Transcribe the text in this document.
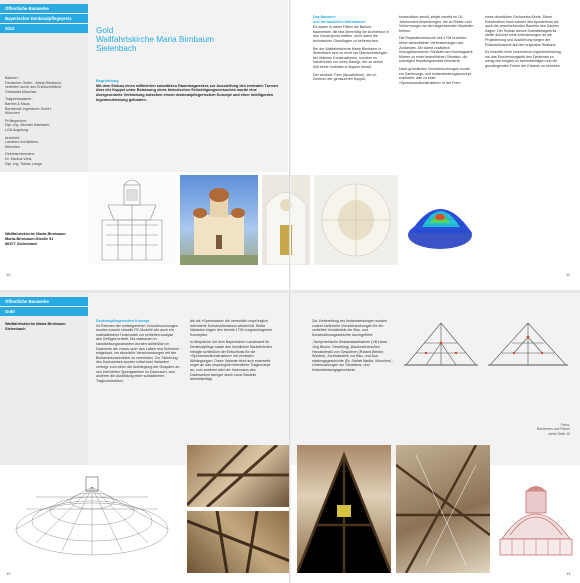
Öffentliche Bauwerke
Bayerischer Denkmalpflegepreis
2012

Bauherr:
Deutscher Orden - Maria Birnbaum,
vertreten durch den Erzbischöfliche
Ordinariat München

Tragwerksplaner:
Barthel & Maus,
Beratende Ingenieure GmbH,
München

Prüfingenieur:
Dipl.-Ing. Michael Hamlader,
LGA Augsburg

Architekt:
Landherr Architekten,
München

Gebietsreferenten:
Dr. Markus Weis,
Dipl.-Ing. Tobias Lange

Gold
Wallfahrtskirche Maria Birnbaum
Sielenbach
Begründung
Mit dem Einbau eines raffinierten substärken Raumtragwerkes zur Aussteifung des zentralen Turmes über der Kuppel unter Belassung eines historischen Ertüchtigungsversuches wurde eine übergeordnete Verbindung zwischen einem denkmalpflegerischen Konzept und einer intelligenten Ingenieurleistung gefunden.
Das Bauwerk
und die baulichen Maßnahmen

Es waren in vielen Fällen die Barockbaumeister, die fast übermütig die Architektur in den Vordergrund stellten, ohne dabei die technischen Grundlagen zu beherrschen.

Bei der Wallfahrtskirche Maria Birnbaum in Sielenbach sind es nicht nur Überschreitungen bei üblichen Konstruktionen, sondern es handelt sich um einen Bautyp, der zu seiner Zeit keine Vorbilder in Bayern besaß.

Der zentrale Turm (Apostelturm), der im Zentrum der gemauerten Kuppel-

konstruktion steckt, zeigte bereits im 18. Jahrhundert Absenkungen, die zu Rissen und Verformungen an den angrenzenden Bauteilen führten.

Die Reparaturversuche seit 1794 brachten keine wesentlichen Verbesserungen des Zustandes. Die damit zusätzlich hinzugekommenen Schäden am Holztragwerk führten zu einer bedrohlichen Situation, die sofortigen Handlungsbedarf erforderte.

Nach gründlichen Voruntersuchungen wurde ein Sanierungs- und Instandsetzungskonzept erarbeitet, das zu einer »Spreizwandkonstruktion« in der Form

eines räumlichen Fachwerks führte. Diese Konstruktion kann sowohl den Apostelturm als auch die anschließenden Bauteile des Daches tragen. Der Einbau dieses Substäbtragwerks stellte äußerst hohe Anforderungen an die Projektierung und Ausführung wegen der Rücksichtnahme auf den originalen Bestand.

Es bedurfte einer besonderen Ingenieurleistung, um das Erscheinungsbild des Denkmals so wenig wie möglich zu beeinträchtigen und die grundlegenden Fehler der Erbauer zu beheben.

Wallfahrtskirche Maria Birnbaum
Maria-Birnbaum-Straße 51
86577 Sielenbach
10	11
Öffentliche Bauwerke
Gold
Wallfahrtskirche Maria Birnbaum
Sielenbach
Denkmalpflegerisches Konzept

Im Rahmen der umfangreichen Voruntersuchungen wurden sowohl virtuelle FE-Modelle wie auch ein maßstäbliches Holzmodell zur vertieften Analyse des Gefüges erstellt. Die statischen Instandsetzungsvarianten wurden schließlich im Dachwerk als »mock-ups« aus Latten und Schnüren eingebaut, um räumliche Verschneidungen mit der Bestandskonstruktion zu vermeiden. Zur Sicherung des Dachwerkes wurden initial zwei Varianten verfolgt: zum einen die Aufhängung der Gespärre an neu errichteten Sprengwerken im Dachraum, zum anderen die Ausbildung einer substärkeren Tragkonstruktion,

die als »Spreizwand« die vermutlich ursprünglich intendierte Konstruktionsform wiederholt. Beide Varianten folgen den bereits 1794 vorgeschlagenen Konzepten.

In Abspräche mit dem Bayerischen Landesamt für Denkmalpflege sowie den kirchlichen Baubehörden erfolgte schließlich der Entschluss für die »Spreizwandkonstruktion« mit zentralen Abhängungen. Diese Variante lehnt sich einerseits enger an das ursprünglich intendierte Tragkonzept an, zum anderen wird der Innenraum des Dachwerkes weniger durch neue Bauteile beeinträchtigt.

Zur Vorbereitung der Instandsetzungen wurden zudem zahlreiche Voruntersuchungen für ein vertieftes Verständnis der Bau- und Konstruktionsgeschichte durchgeführt:

-Tachymetrische Bestandsaufnahme (VB Hans-Jörg Blume, Gersthing) -Bauforschersches Handaufmaß von Gespärren (Roland Beinke, Weiden) -Archivstudien zur Bau- und Ausstattungsgeschichte (Dr. Stefan Nadler, München) -Untersuchungen zur Schadens- und Instandsetzungsgeschichte

Fotos:
Bauherren und Planer
siehe Seite 10
12	13
